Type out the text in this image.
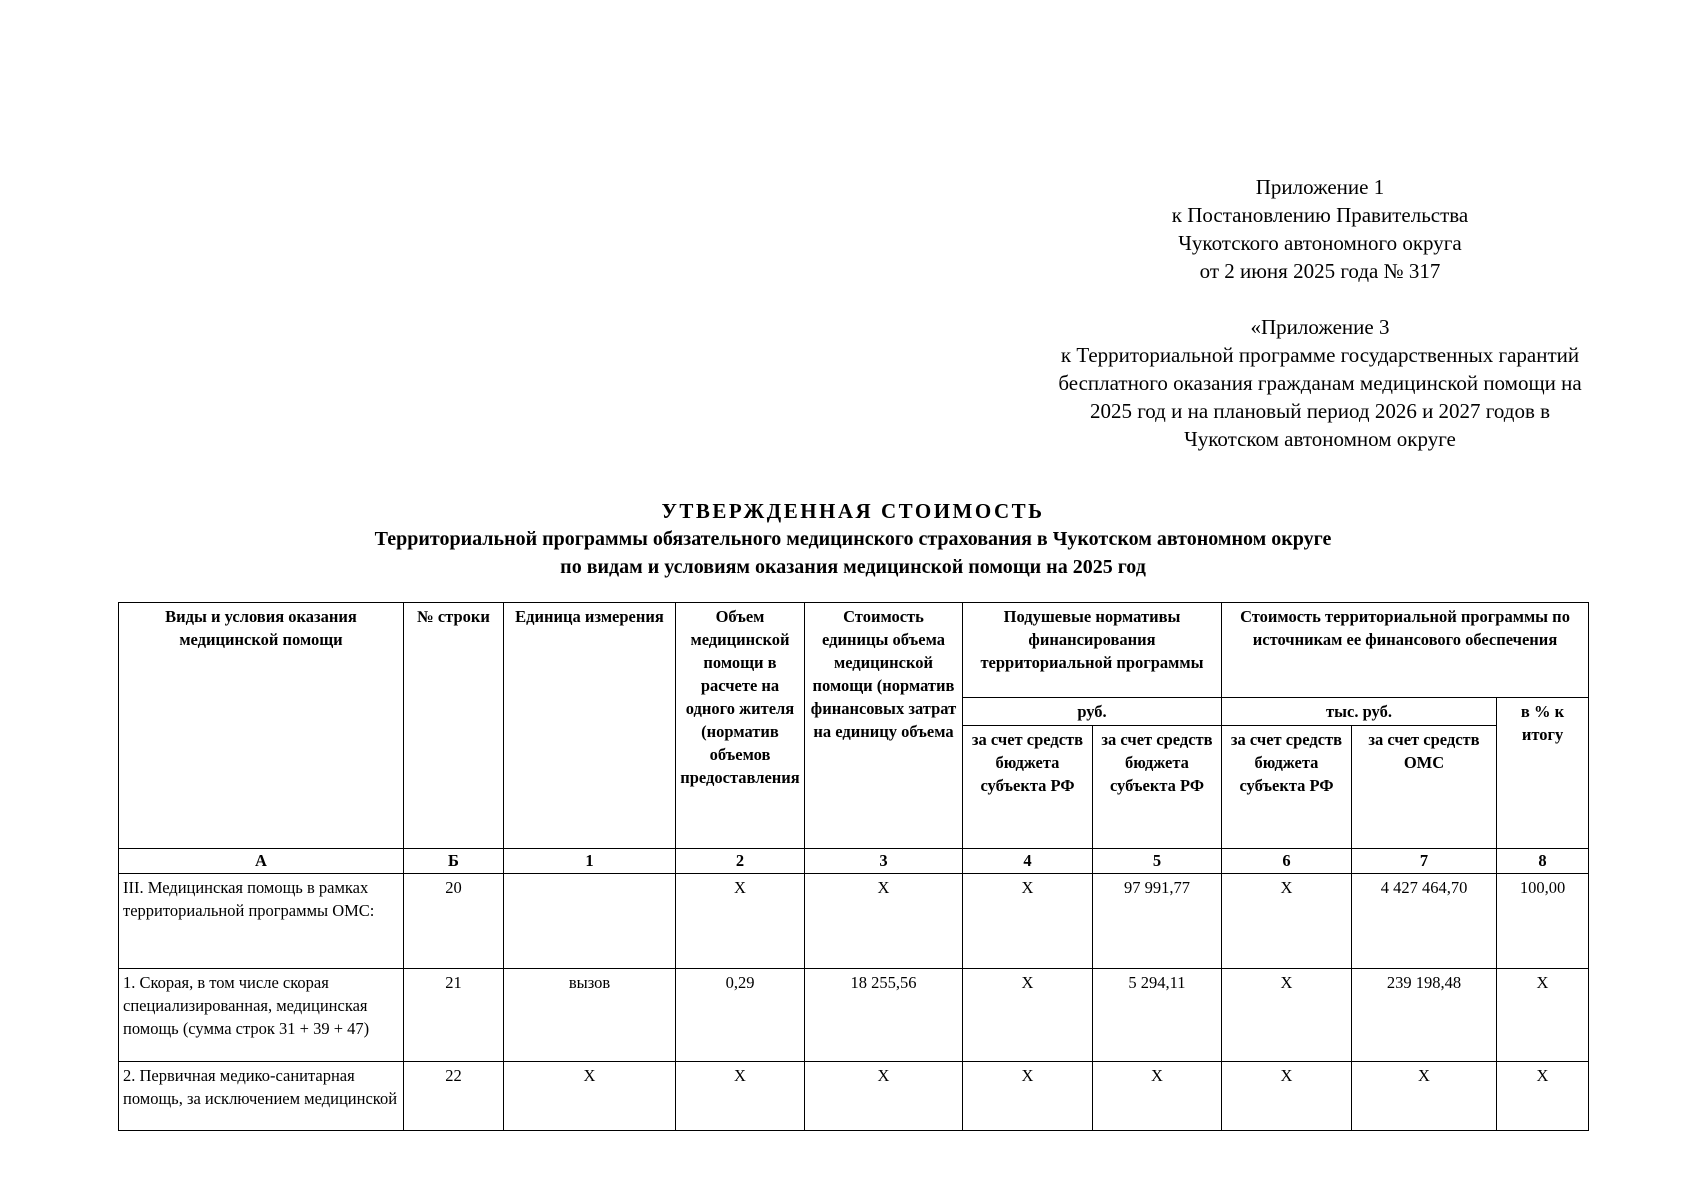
Приложение 1
к Постановлению Правительства
Чукотского автономного округа
от 2 июня 2025 года № 317
«Приложение 3
к Территориальной программе государственных гарантий
бесплатного оказания гражданам медицинской помощи на
2025 год и на плановый период 2026 и 2027 годов в
Чукотском автономном округе
УТВЕРЖДЕННАЯ СТОИМОСТЬ
Территориальной программы обязательного медицинского страхования в Чукотском автономном округе
по видам и условиям оказания медицинской помощи на 2025 год
Виды и условия оказания медицинской помощи	№ строки	Единица измерения	Объем медицинской помощи в расчете на одного жителя (норматив объемов предоставления	Стоимость единицы объема медицинской помощи (норматив финансовых затрат на единицу объема	Подушевые нормативы финансирования территориальной программы		Стоимость территориальной программы по источникам ее финансового обеспечения		
					руб.		тыс. руб.		в % к итогу
					за счет средств бюджета субъекта РФ	за счет средств бюджета субъекта РФ	за счет средств бюджета субъекта РФ	за счет средств ОМС	
А	Б	1	2	3	4	5	6	7	8
III. Медицинская помощь в рамках территориальной программы ОМС:	20		Х	Х	Х	97 991,77	Х	4 427 464,70	100,00
1. Скорая, в том числе скорая специализированная, медицинская помощь (сумма строк 31 + 39 + 47)	21	вызов	0,29	18 255,56	Х	5 294,11	Х	239 198,48	Х
2. Первичная медико-санитарная помощь, за исключением медицинской	22	Х	Х	Х	Х	Х	Х	Х	Х
